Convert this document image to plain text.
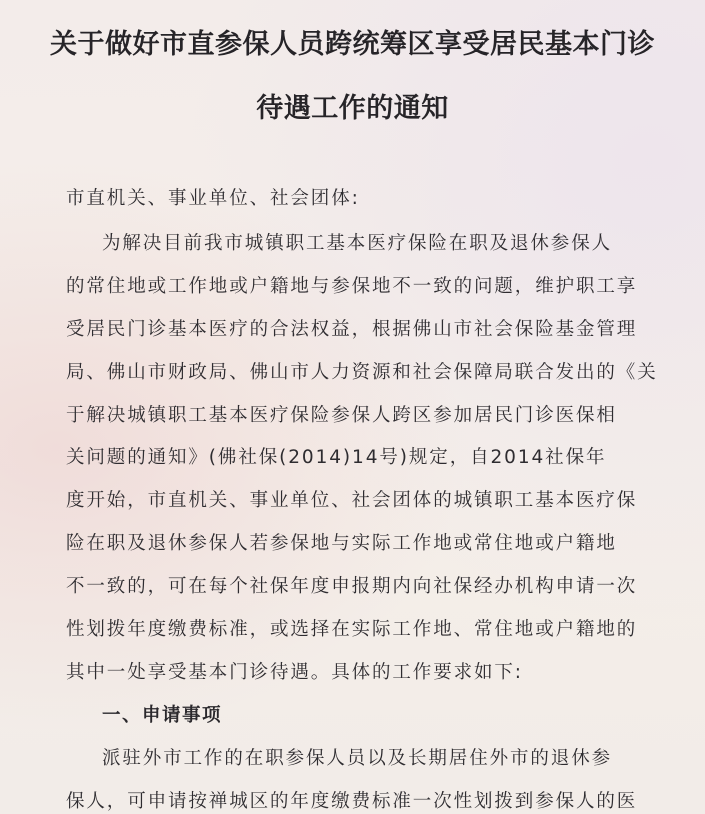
关于做好市直参保人员跨统筹区享受居民基本门诊
待遇工作的通知
市直机关、事业单位、社会团体:
为解决目前我市城镇职工基本医疗保险在职及退休参保人
的常住地或工作地或户籍地与参保地不一致的问题，维护职工享
受居民门诊基本医疗的合法权益，根据佛山市社会保险基金管理
局、佛山市财政局、佛山市人力资源和社会保障局联合发出的《关
于解决城镇职工基本医疗保险参保人跨区参加居民门诊医保相
关问题的通知》(佛社保(2014)14号)规定，自2014社保年
度开始，市直机关、事业单位、社会团体的城镇职工基本医疗保
险在职及退休参保人若参保地与实际工作地或常住地或户籍地
不一致的，可在每个社保年度申报期内向社保经办机构申请一次
性划拨年度缴费标准，或选择在实际工作地、常住地或户籍地的
其中一处享受基本门诊待遇。具体的工作要求如下:
一、申请事项
派驻外市工作的在职参保人员以及长期居住外市的退休参
保人，可申请按禅城区的年度缴费标准一次性划拨到参保人的医
